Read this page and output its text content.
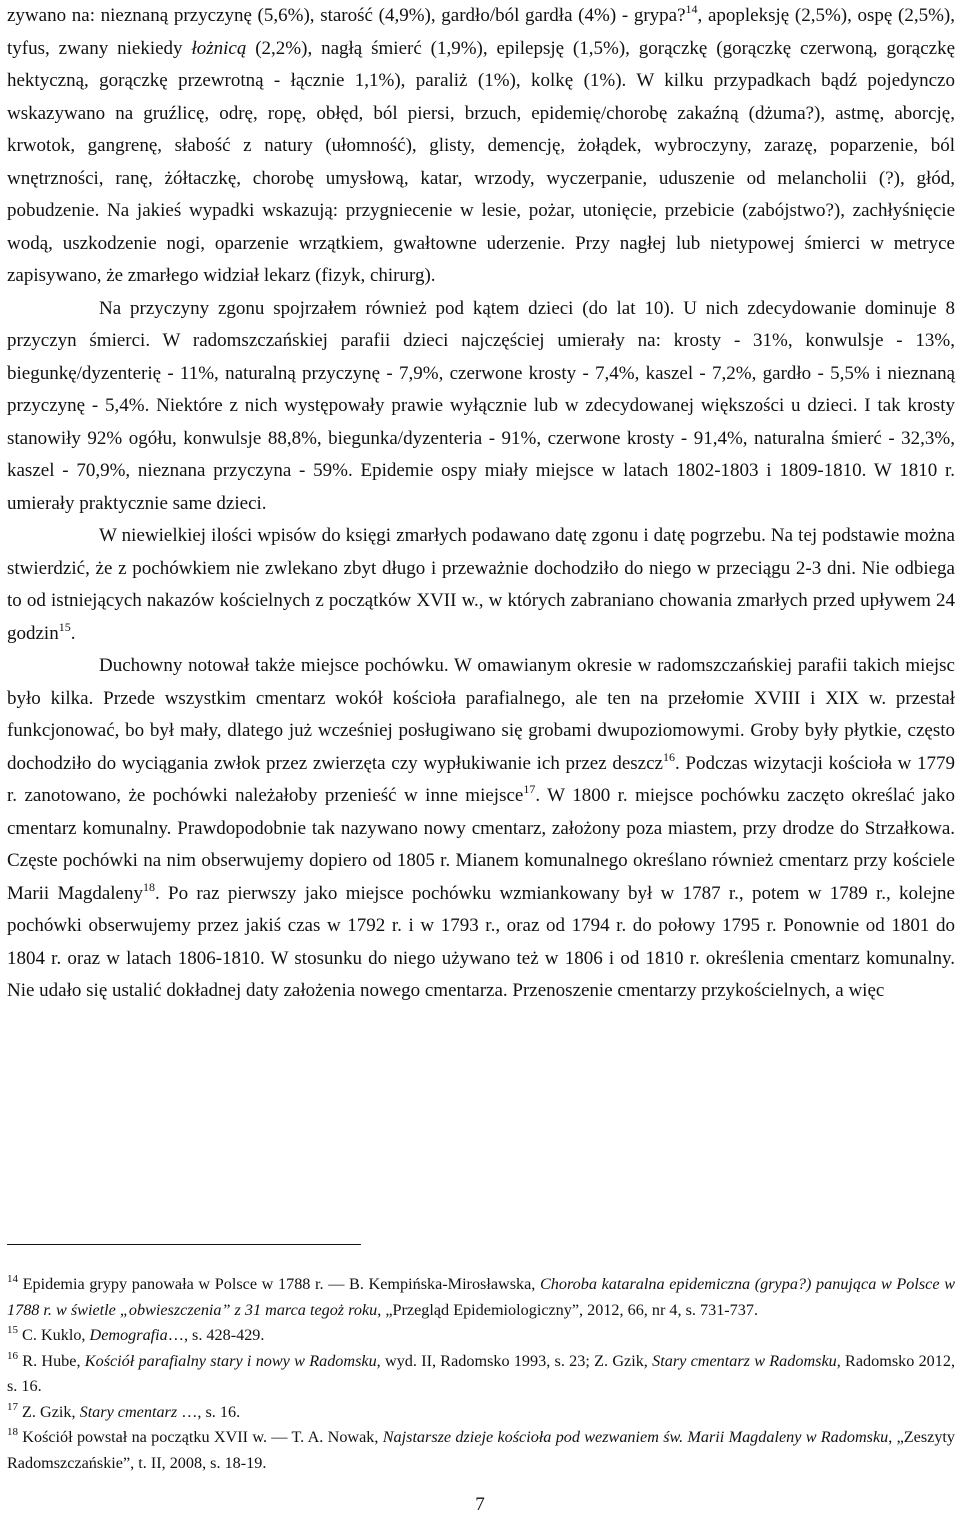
zywano na: nieznaną przyczynę (5,6%), starość (4,9%), gardło/ból gardła (4%) - grypa?$^{14}$, apopleksję (2,5%), ospę (2,5%), tyfus, zwany niekiedy łożnicą (2,2%), nagłą śmierć (1,9%), epilepsję (1,5%), gorączkę (gorączkę czerwoną, gorączkę hektyczną, gorączkę przewrotną - łącznie 1,1%), paraliż (1%), kolkę (1%). W kilku przypadkach bądź pojedynczo wskazywano na gruźlicę, odrę, ropę, obłęd, ból piersi, brzuch, epidemię/chorobę zakaźną (dżuma?), astmę, aborcję, krwotok, gangrenę, słabość z natury (ułomność), glisty, demencję, żołądek, wybroczyny, zarazę, poparzenie, ból wnętrzności, ranę, żółtaczkę, chorobę umysłową, katar, wrzody, wyczerpanie, uduszenie od melancholii (?), głód, pobudzenie. Na jakieś wypadki wskazują: przygniecenie w lesie, pożar, utonięcie, przebicie (zabójstwo?), zachłyśnięcie wodą, uszkodzenie nogi, oparzenie wrzątkiem, gwałtowne uderzenie. Przy nagłej lub nietypowej śmierci w metryce zapisywano, że zmarłego widział lekarz (fizyk, chirurg).

Na przyczyny zgonu spojrzałem również pod kątem dzieci (do lat 10). U nich zdecydowanie dominuje 8 przyczyn śmierci. W radomszczańskiej parafii dzieci najczęściej umierały na: krosty - 31%, konwulsje - 13%, biegunkę/dyzenterię - 11%, naturalną przyczynę - 7,9%, czerwone krosty - 7,4%, kaszel - 7,2%, gardło - 5,5% i nieznaną przyczynę - 5,4%. Niektóre z nich występowały prawie wyłącznie lub w zdecydowanej większości u dzieci. I tak krosty stanowiły 92% ogółu, konwulsje 88,8%, biegunka/dyzenteria - 91%, czerwone krosty - 91,4%, naturalna śmierć - 32,3%, kaszel - 70,9%, nieznana przyczyna - 59%. Epidemie ospy miały miejsce w latach 1802-1803 i 1809-1810. W 1810 r. umierały praktycznie same dzieci.

W niewielkiej ilości wpisów do księgi zmarłych podawano datę zgonu i datę pogrzebu. Na tej podstawie można stwierdzić, że z pochówkiem nie zwlekano zbyt długo i przeważnie dochodziło do niego w przeciągu 2-3 dni. Nie odbiega to od istniejących nakazów kościelnych z początków XVII w., w których zabraniano chowania zmarłych przed upływem 24 godzin$^{15}$.

Duchowny notował także miejsce pochówku. W omawianym okresie w radomszczańskiej parafii takich miejsc było kilka. Przede wszystkim cmentarz wokół kościoła parafialnego, ale ten na przełomie XVIII i XIX w. przestał funkcjonować, bo był mały, dlatego już wcześniej posługiwano się grobami dwupoziomowymi. Groby były płytkie, często dochodziło do wyciągania zwłok przez zwierzęta czy wypłukiwanie ich przez deszcz$^{16}$. Podczas wizytacji kościoła w 1779 r. zanotowano, że pochówki należałoby przenieść w inne miejsce$^{17}$. W 1800 r. miejsce pochówku zaczęto określać jako cmentarz komunalny. Prawdopodobnie tak nazywano nowy cmentarz, założony poza miastem, przy drodze do Strzałkowa. Częste pochówki na nim obserwujemy dopiero od 1805 r. Mianem komunalnego określano również cmentarz przy kościele Marii Magdaleny$^{18}$. Po raz pierwszy jako miejsce pochówku wzmiankowany był w 1787 r., potem w 1789 r., kolejne pochówki obserwujemy przez jakiś czas w 1792 r. i w 1793 r., oraz od 1794 r. do połowy 1795 r. Ponownie od 1801 do 1804 r. oraz w latach 1806-1810. W stosunku do niego używano też w 1806 i od 1810 r. określenia cmentarz komunalny. Nie udało się ustalić dokładnej daty założenia nowego cmentarza. Przenoszenie cmentarzy przykościelnych, a więc

$^{14}$ Epidemia grypy panowała w Polsce w 1788 r. — B. Kempińska-Mirosławska, Choroba kataralna epidemiczna (grypa?) panująca w Polsce w 1788 r. w świetle „obwieszczenia” z 31 marca tegoż roku, „Przegląd Epidemiologiczny”, 2012, 66, nr 4, s. 731-737.

$^{15}$ C. Kuklo, Demografia…, s. 428-429.

$^{16}$ R. Hube, Kościół parafialny stary i nowy w Radomsku, wyd. II, Radomsko 1993, s. 23; Z. Gzik, Stary cmentarz w Radomsku, Radomsko 2012, s. 16.

$^{17}$ Z. Gzik, Stary cmentarz …, s. 16.

$^{18}$ Kościół powstał na początku XVII w. — T. A. Nowak, Najstarsze dzieje kościoła pod wezwaniem św. Marii Magdaleny w Radomsku, „Zeszyty Radomszczańskie”, t. II, 2008, s. 18-19.

7
